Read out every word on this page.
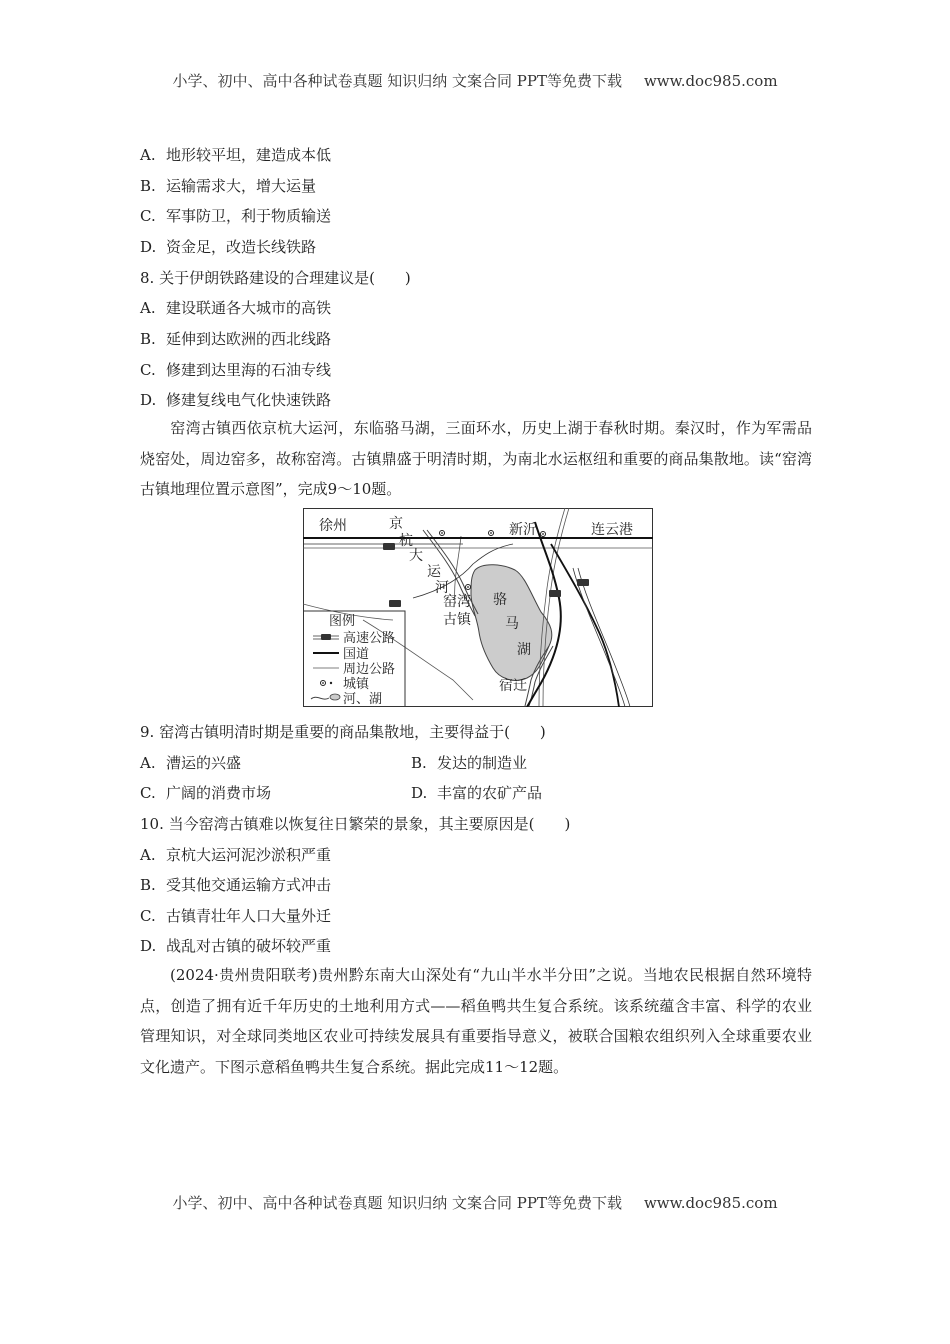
小学、初中、高中各种试卷真题 知识归纳 文案合同 PPT等免费下载 www.doc985.com
A. 地形较平坦，建造成本低
B. 运输需求大，增大运量
C. 军事防卫，利于物质输送
D. 资金足，改造长线铁路
8. 关于伊朗铁路建设的合理建议是(　　)
A. 建设联通各大城市的高铁
B. 延伸到达欧洲的西北线路
C. 修建到达里海的石油专线
D. 修建复线电气化快速铁路
窑湾古镇西依京杭大运河，东临骆马湖，三面环水，历史上湖于春秋时期。秦汉时，作为军需品烧窑处，周边窑多，故称窑湾。古镇鼎盛于明清时期，为南北水运枢纽和重要的商品集散地。读“窑湾古镇地理位置示意图”，完成9～10题。
徐州	新沂	连云港
宿迁
京
杭
大
运
河
窑湾
古镇
骆
马
湖
图例
高速公路
国道
周边公路
城镇
河、湖
9. 窑湾古镇明清时期是重要的商品集散地，主要得益于(　　)
A. 漕运的兴盛	B. 发达的制造业
C. 广阔的消费市场	D. 丰富的农矿产品
10. 当今窑湾古镇难以恢复往日繁荣的景象，其主要原因是(　　)
A. 京杭大运河泥沙淤积严重
B. 受其他交通运输方式冲击
C. 古镇青壮年人口大量外迁
D. 战乱对古镇的破坏较严重
(2024·贵州贵阳联考)贵州黔东南大山深处有“九山半水半分田”之说。当地农民根据自然环境特点，创造了拥有近千年历史的土地利用方式——稻鱼鸭共生复合系统。该系统蕴含丰富、科学的农业管理知识，对全球同类地区农业可持续发展具有重要指导意义，被联合国粮农组织列入全球重要农业文化遗产。下图示意稻鱼鸭共生复合系统。据此完成11～12题。
小学、初中、高中各种试卷真题 知识归纳 文案合同 PPT等免费下载 www.doc985.com
